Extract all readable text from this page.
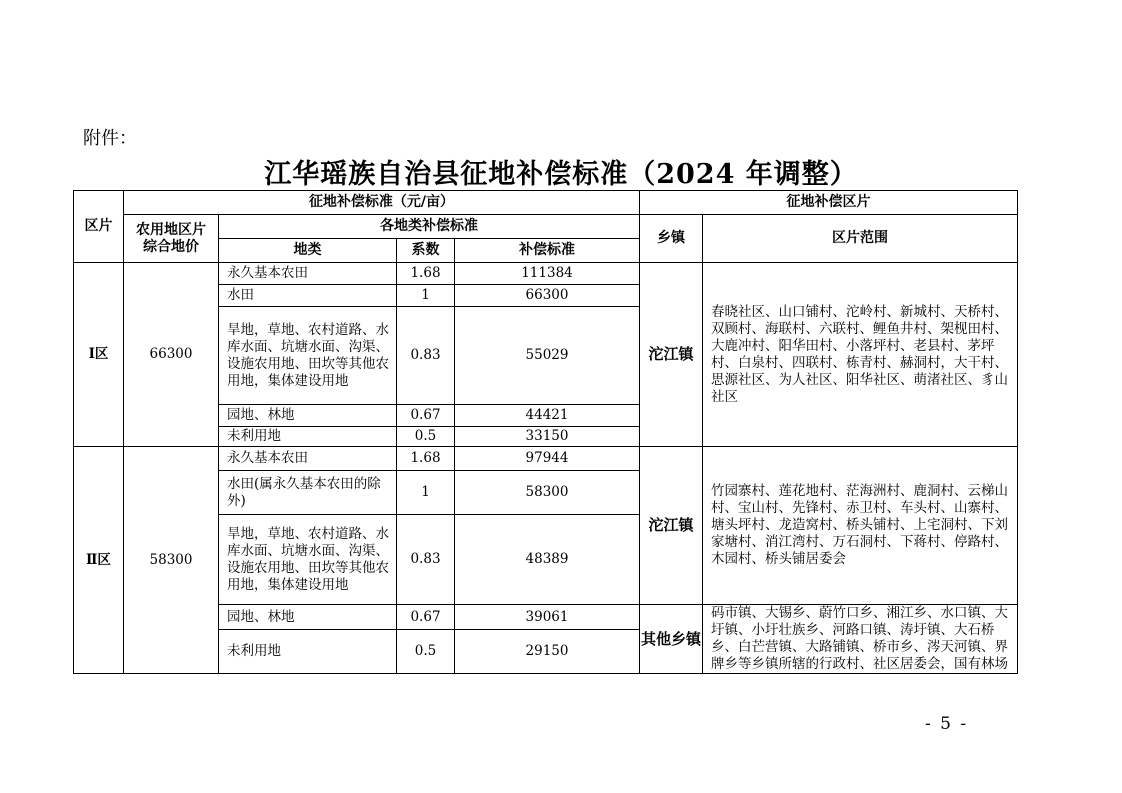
附件：
江华瑶族自治县征地补偿标准（2024 年调整）
区片	征地补偿标准（元/亩）				征地补偿区片	

	农用地区片
综合地价	各地类补偿标准			乡镇	区片范围
		地类	系数	补偿标准		
Ⅰ区	66300	永久基本农田	1.68	111384	沱江镇	春晓社区、山口铺村、沱岭村、新城村、天桥村、双顾村、海联村、六联村、鲤鱼井村、架枧田村、大鹿冲村、阳华田村、小落坪村、老县村、茅坪村、白泉村、四联村、栋青村、赫洞村，大干村、思源社区、为人社区、阳华社区、萌渚社区、豸山社区
		水田	1	66300		
		旱地，草地、农村道路、水库水面、坑塘水面、沟渠、设施农用地、田坎等其他农用地，集体建设用地	0.83	55029		
		园地、林地	0.67	44421		
		未利用地	0.5	33150		
Ⅱ区	58300	永久基本农田	1.68	97944	沱江镇	竹园寨村、莲花地村、茫海洲村、鹿洞村、云梯山村、宝山村、先锋村、赤卫村、车头村、山寨村、塘头坪村、龙造窝村、桥头铺村、上宅洞村、下刘家塘村、消江湾村、万石洞村、下蒋村、停路村、木园村、桥头铺居委会
		水田(属永久基本农田的除外)	1	58300		
		旱地，草地、农村道路、水库水面、坑塘水面、沟渠、设施农用地、田坎等其他农用地，集体建设用地	0.83	48389		
		园地、林地	0.67	39061	其他乡镇	码市镇、大锡乡、蔚竹口乡、湘江乡、水口镇、大圩镇、小圩壮族乡、河路口镇、涛圩镇、大石桥乡、白芒营镇、大路铺镇、桥市乡、涔天河镇、界牌乡等乡镇所辖的行政村、社区居委会，国有林场
		未利用地	0.5	29150		
- 5 -
